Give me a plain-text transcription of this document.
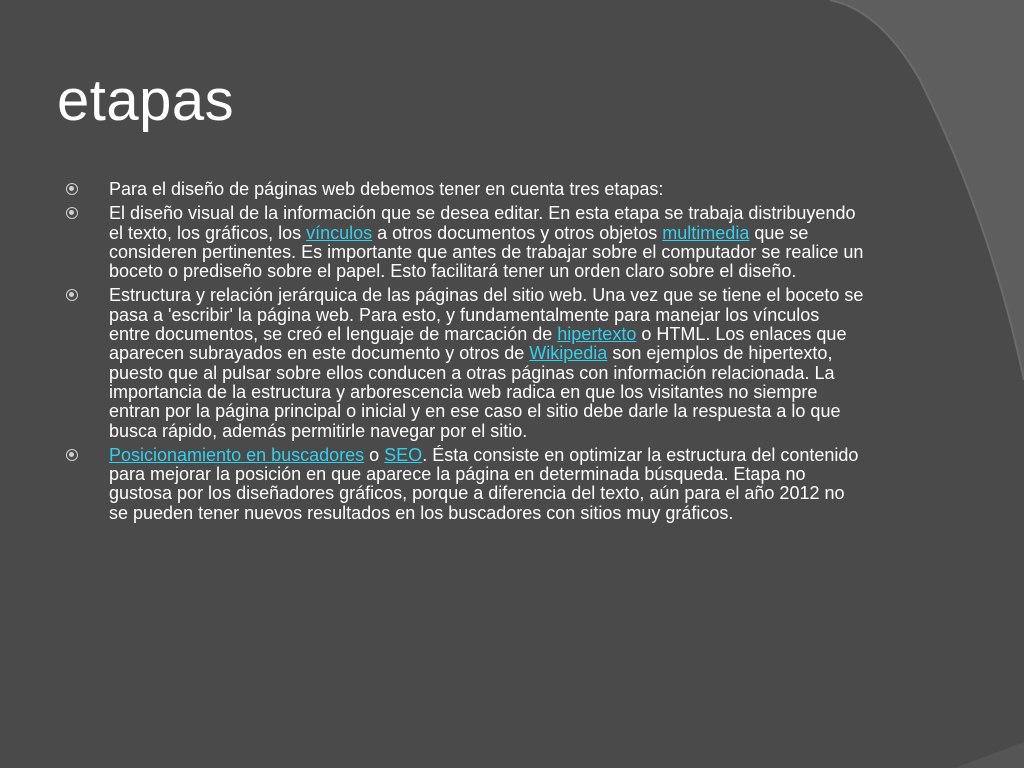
etapas
Para el diseño de páginas web debemos tener en cuenta tres etapas:
El diseño visual de la información que se desea editar. En esta etapa se trabaja distribuyendo el texto, los gráficos, los vínculos a otros documentos y otros objetos multimedia que se consideren pertinentes. Es importante que antes de trabajar sobre el computador se realice un boceto o prediseño sobre el papel. Esto facilitará tener un orden claro sobre el diseño.
Estructura y relación jerárquica de las páginas del sitio web. Una vez que se tiene el boceto se pasa a 'escribir' la página web. Para esto, y fundamentalmente para manejar los vínculos entre documentos, se creó el lenguaje de marcación de hipertexto o HTML. Los enlaces que aparecen subrayados en este documento y otros de Wikipedia son ejemplos de hipertexto, puesto que al pulsar sobre ellos conducen a otras páginas con información relacionada. La importancia de la estructura y arborescencia web radica en que los visitantes no siempre entran por la página principal o inicial y en ese caso el sitio debe darle la respuesta a lo que busca rápido, además permitirle navegar por el sitio.
Posicionamiento en buscadores o SEO. Ésta consiste en optimizar la estructura del contenido para mejorar la posición en que aparece la página en determinada búsqueda. Etapa no gustosa por los diseñadores gráficos, porque a diferencia del texto, aún para el año 2012 no se pueden tener nuevos resultados en los buscadores con sitios muy gráficos.
